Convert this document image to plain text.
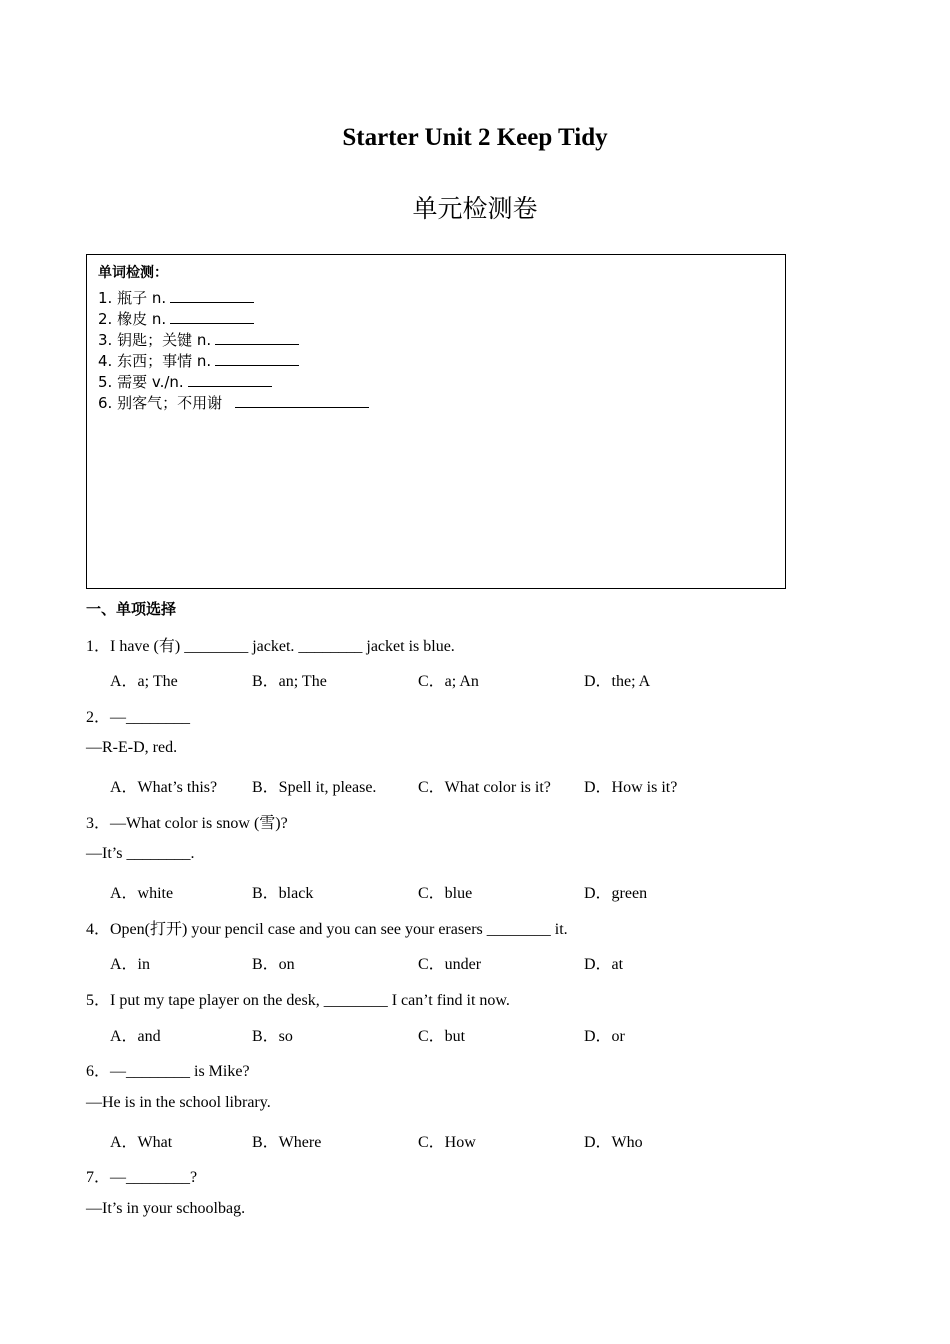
Starter Unit 2 Keep Tidy
单元检测卷
单词检测：
1. 瓶子 n.
2. 橡皮 n.
3. 钥匙；关键 n.
4. 东西；事情 n.
5. 需要 v./n.
6. 别客气；不用谢
一、单项选择
1．I have (有) ________ jacket. ________ jacket is blue.
A．a; The	B．an; The	C．a; An	D．the; A
2．—________
—R-E-D, red.
A．What’s this? B．Spell it, please.	C．What color is it? D．How is it?
3．—What color is snow (雪)?
—It’s ________.
A．white	B．black	C．blue	D．green
4．Open(打开) your pencil case and you can see your erasers ________ it.
A．in	B．on	C．under	D．at
5．I put my tape player on the desk, ________ I can’t find it now.
A．and	B．so	C．but	D．or
6．—________ is Mike?
—He is in the school library.
A．What	B．Where	C．How	D．Who
7．—________?
—It’s in your schoolbag.
